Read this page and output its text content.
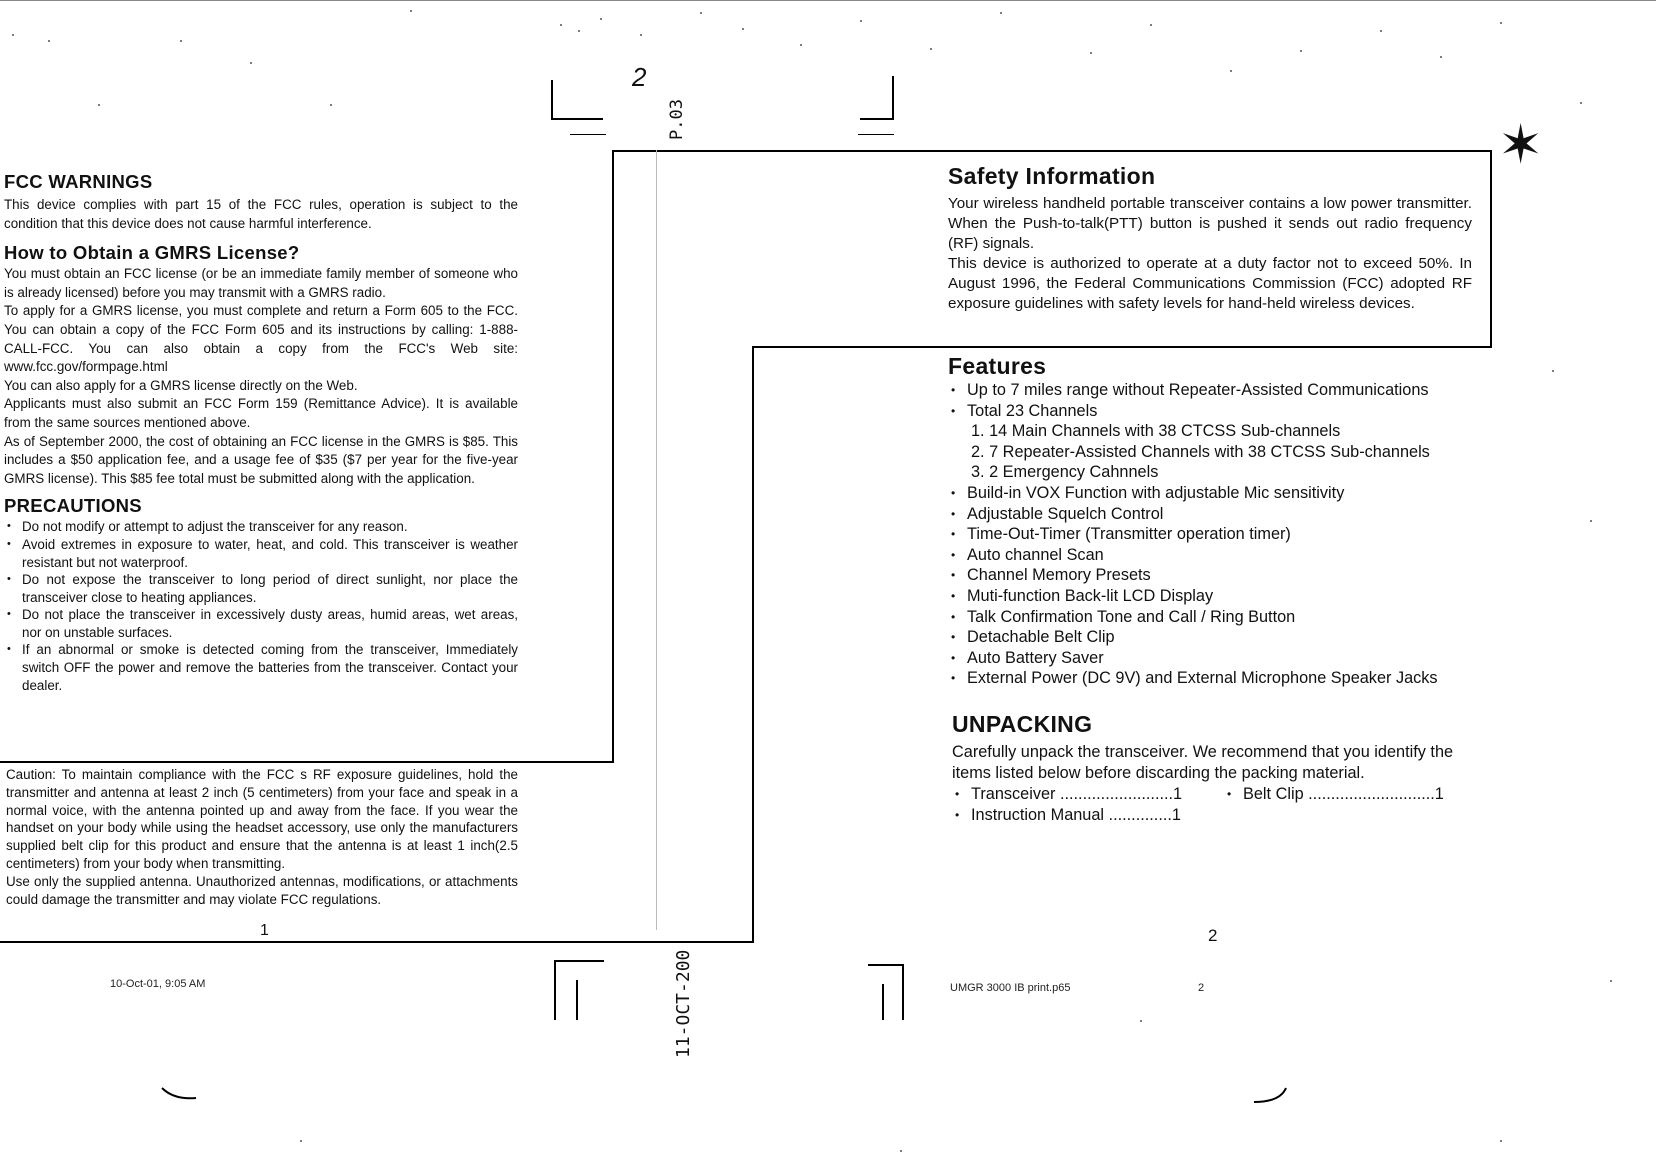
2
P.03
11-OCT-200
✶
FCC WARNINGS

This device complies with part 15 of the FCC rules, operation is subject to the condition that this device does not cause harmful interference.

How to Obtain a GMRS License?

You must obtain an FCC license (or be an immediate family member of someone who is already licensed) before you may transmit with a GMRS radio.

To apply for a GMRS license, you must complete and return a Form 605 to the FCC. You can obtain a copy of the FCC Form 605 and its instructions by calling: 1-888-CALL-FCC. You can also obtain a copy from the FCC's Web site: www.fcc.gov/formpage.html

You can also apply for a GMRS license directly on the Web.

Applicants must also submit an FCC Form 159 (Remittance Advice). It is available from the same sources mentioned above.

As of September 2000, the cost of obtaining an FCC license in the GMRS is $85. This includes a $50 application fee, and a usage fee of $35 ($7 per year for the five-year GMRS license). This $85 fee total must be submitted along with the application.

PRECAUTIONS
• Do not modify or attempt to adjust the transceiver for any reason.
• Avoid extremes in exposure to water, heat, and cold. This transceiver is weather resistant but not waterproof.
• Do not expose the transceiver to long period of direct sunlight, nor place the transceiver close to heating appliances.
• Do not place the transceiver in excessively dusty areas, humid areas, wet areas, nor on unstable surfaces.
• If an abnormal or smoke is detected coming from the transceiver, Immediately switch OFF the power and remove the batteries from the transceiver. Contact your dealer.

Caution: To maintain compliance with the FCC s RF exposure guidelines, hold the transmitter and antenna at least 2 inch (5 centimeters) from your face and speak in a normal voice, with the antenna pointed up and away from the face. If you wear the handset on your body while using the headset accessory, use only the manufacturers supplied belt clip for this product and ensure that the antenna is at least 1 inch(2.5 centimeters) from your body when transmitting.

Use only the supplied antenna. Unauthorized antennas, modifications, or attachments could damage the transmitter and may violate FCC regulations.

1
10-Oct-01, 9:05 AM
Safety Information

Your wireless handheld portable transceiver contains a low power transmitter. When the Push-to-talk(PTT) button is pushed it sends out radio frequency (RF) signals.

This device is authorized to operate at a duty factor not to exceed 50%. In August 1996, the Federal Communications Commission (FCC) adopted RF exposure guidelines with safety levels for hand-held wireless devices.

Features
• Up to 7 miles range without Repeater-Assisted Communications
• Total 23 Channels
1. 14 Main Channels with 38 CTCSS Sub-channels
2. 7 Repeater-Assisted Channels with 38 CTCSS Sub-channels
3. 2 Emergency Cahnnels
• Build-in VOX Function with adjustable Mic sensitivity
• Adjustable Squelch Control
• Time-Out-Timer (Transmitter operation timer)
• Auto channel Scan
• Channel Memory Presets
• Muti-function Back-lit LCD Display
• Talk Confirmation Tone and Call / Ring Button
• Detachable Belt Clip
• Auto Battery Saver
• External Power (DC 9V) and External Microphone Speaker Jacks
UNPACKING

Carefully unpack the transceiver. We recommend that you identify the items listed below before discarding the packing material.

• Transceiver .........................1
• Instruction Manual ..............1
• Belt Clip ............................1
2
UMGR 3000 IB print.p65	2
